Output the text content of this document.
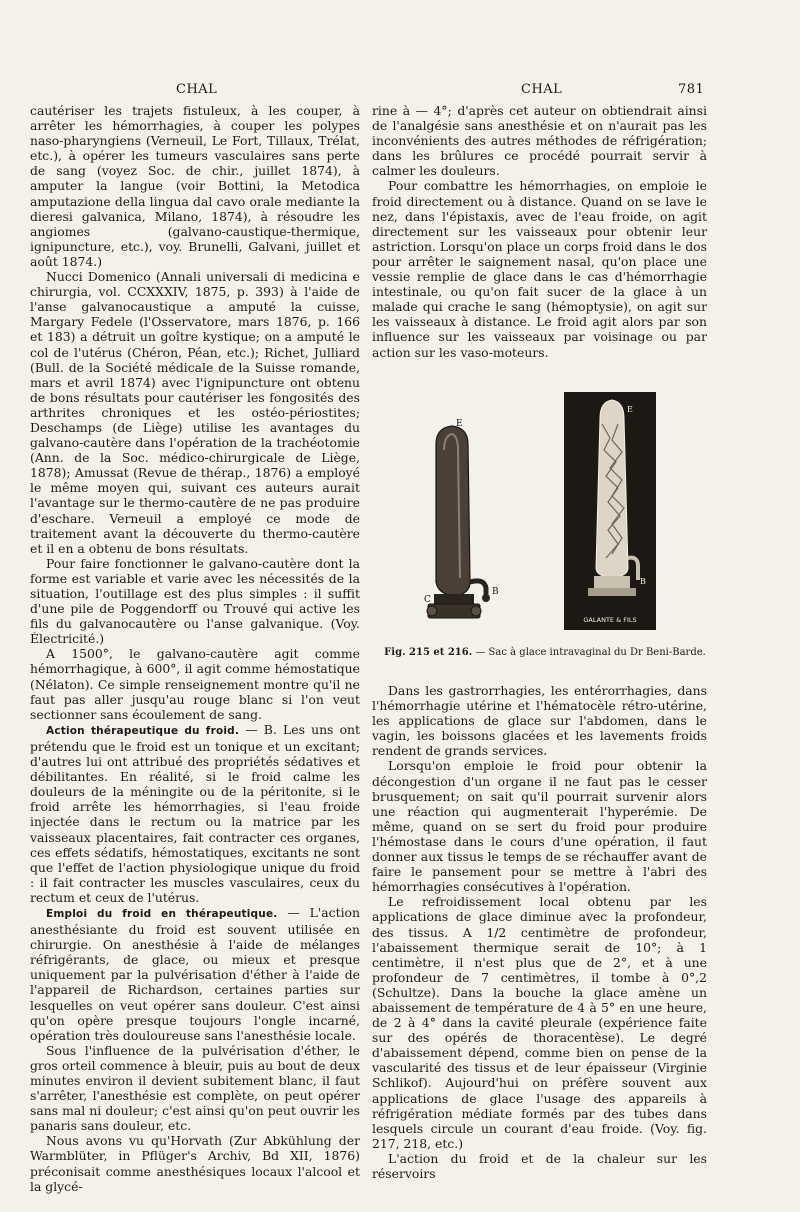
CHAL	CHAL	781

cautériser les trajets fistuleux, à les couper, à arrêter les hémorrhagies, à couper les polypes naso-pharyngiens (Verneuil, Le Fort, Tillaux, Trélat, etc.), à opérer les tumeurs vasculaires sans perte de sang (voyez Soc. de chir., juillet 1874), à amputer la langue (voir Bottini, la Metodica amputazione della lingua dal cavo orale mediante la dieresi galvanica, Milano, 1874), à résoudre les angiomes (galvano-caustique-thermique, ignipuncture, etc.), voy. Brunelli, Galvani, juillet et août 1874.)

Nucci Domenico (Annali universali di medicina e chirurgia, vol. CCXXXIV, 1875, p. 393) à l'aide de l'anse galvanocaustique a amputé la cuisse, Margary Fedele (l'Osservatore, mars 1876, p. 166 et 183) a détruit un goître kystique; on a amputé le col de l'utérus (Chéron, Péan, etc.); Richet, Julliard (Bull. de la Société médicale de la Suisse romande, mars et avril 1874) avec l'ignipuncture ont obtenu de bons résultats pour cautériser les fongosités des arthrites chroniques et les ostéo-périostites; Deschamps (de Liège) utilise les avantages du galvano-cautère dans l'opération de la trachéotomie (Ann. de la Soc. médico-chirurgicale de Liège, 1878); Amussat (Revue de thérap., 1876) a employé le même moyen qui, suivant ces auteurs aurait l'avantage sur le thermo-cautère de ne pas produire d'eschare. Verneuil a employé ce mode de traitement avant la découverte du thermo-cautère et il en a obtenu de bons résultats.

Pour faire fonctionner le galvano-cautère dont la forme est variable et varie avec les nécessités de la situation, l'outillage est des plus simples : il suffit d'une pile de Poggendorff ou Trouvé qui active les fils du galvanocautère ou l'anse galvanique. (Voy. Électricité.)

A 1500°, le galvano-cautère agit comme hémorrhagique, à 600°, il agit comme hémostatique (Nélaton). Ce simple renseignement montre qu'il ne faut pas aller jusqu'au rouge blanc si l'on veut sectionner sans écoulement de sang.

Action thérapeutique du froid. — B. Les uns ont prétendu que le froid est un tonique et un excitant; d'autres lui ont attribué des propriétés sédatives et débilitantes. En réalité, si le froid calme les douleurs de la méningite ou de la péritonite, si le froid arrête les hémorrhagies, si l'eau froide injectée dans le rectum ou la matrice par les vaisseaux placentaires, fait contracter ces organes, ces effets sédatifs, hémostatiques, excitants ne sont que l'effet de l'action physiologique unique du froid : il fait contracter les muscles vasculaires, ceux du rectum et ceux de l'utérus.

Emploi du froid en thérapeutique. — L'action anesthésiante du froid est souvent utilisée en chirurgie. On anesthésie à l'aide de mélanges réfrigérants, de glace, ou mieux et presque uniquement par la pulvérisation d'éther à l'aide de l'appareil de Richardson, certaines parties sur lesquelles on veut opérer sans douleur. C'est ainsi qu'on opère presque toujours l'ongle incarné, opération très douloureuse sans l'anesthésie locale.

Sous l'influence de la pulvérisation d'éther, le gros orteil commence à bleuir, puis au bout de deux minutes environ il devient subitement blanc, il faut s'arrêter, l'anesthésie est complète, on peut opérer sans mal ni douleur; c'est ainsi qu'on peut ouvrir les panaris sans douleur, etc.

Nous avons vu qu'Horvath (Zur Abkühlung der Warmblüter, in Pflüger's Archiv, Bd XII, 1876) préconisait comme anesthésiques locaux l'alcool et la glycé-

rine à — 4°; d'après cet auteur on obtiendrait ainsi de l'analgésie sans anesthésie et on n'aurait pas les inconvénients des autres méthodes de réfrigération; dans les brûlures ce procédé pourrait servir à calmer les douleurs.

Pour combattre les hémorrhagies, on emploie le froid directement ou à distance. Quand on se lave le nez, dans l'épistaxis, avec de l'eau froide, on agit directement sur les vaisseaux pour obtenir leur astriction. Lorsqu'on place un corps froid dans le dos pour arrêter le saignement nasal, qu'on place une vessie remplie de glace dans le cas d'hémorrhagie intestinale, ou qu'on fait sucer de la glace à un malade qui crache le sang (hémoptysie), on agit sur les vaisseaux à distance. Le froid agit alors par son influence sur les vaisseaux par voisinage ou par action sur les vaso-moteurs.

E
B
C
E
B
GALANTE & FILS
Fig. 215 et 216. — Sac à glace intravaginal du Dr Beni-Barde.

Dans les gastrorrhagies, les entérorrhagies, dans l'hémorrhagie utérine et l'hématocèle rétro-utérine, les applications de glace sur l'abdomen, dans le vagin, les boissons glacées et les lavements froids rendent de grands services.

Lorsqu'on emploie le froid pour obtenir la décongestion d'un organe il ne faut pas le cesser brusquement; on sait qu'il pourrait survenir alors une réaction qui augmenterait l'hyperémie. De même, quand on se sert du froid pour produire l'hémostase dans le cours d'une opération, il faut donner aux tissus le temps de se réchauffer avant de faire le pansement pour se mettre à l'abri des hémorrhagies consécutives à l'opération.

Le refroidissement local obtenu par les applications de glace diminue avec la profondeur, des tissus. A 1/2 centimètre de profondeur, l'abaissement thermique serait de 10°; à 1 centimètre, il n'est plus que de 2°, et à une profondeur de 7 centimètres, il tombe à 0°,2 (Schultze). Dans la bouche la glace amène un abaissement de température de 4 à 5° en une heure, de 2 à 4° dans la cavité pleurale (expérience faite sur des opérés de thoracentèse). Le degré d'abaissement dépend, comme bien on pense de la vascularité des tissus et de leur épaisseur (Virginie Schlikof). Aujourd'hui on préfère souvent aux applications de glace l'usage des appareils à réfrigération médiate formés par des tubes dans lesquels circule un courant d'eau froide. (Voy. fig. 217, 218, etc.)

L'action du froid et de la chaleur sur les réservoirs
